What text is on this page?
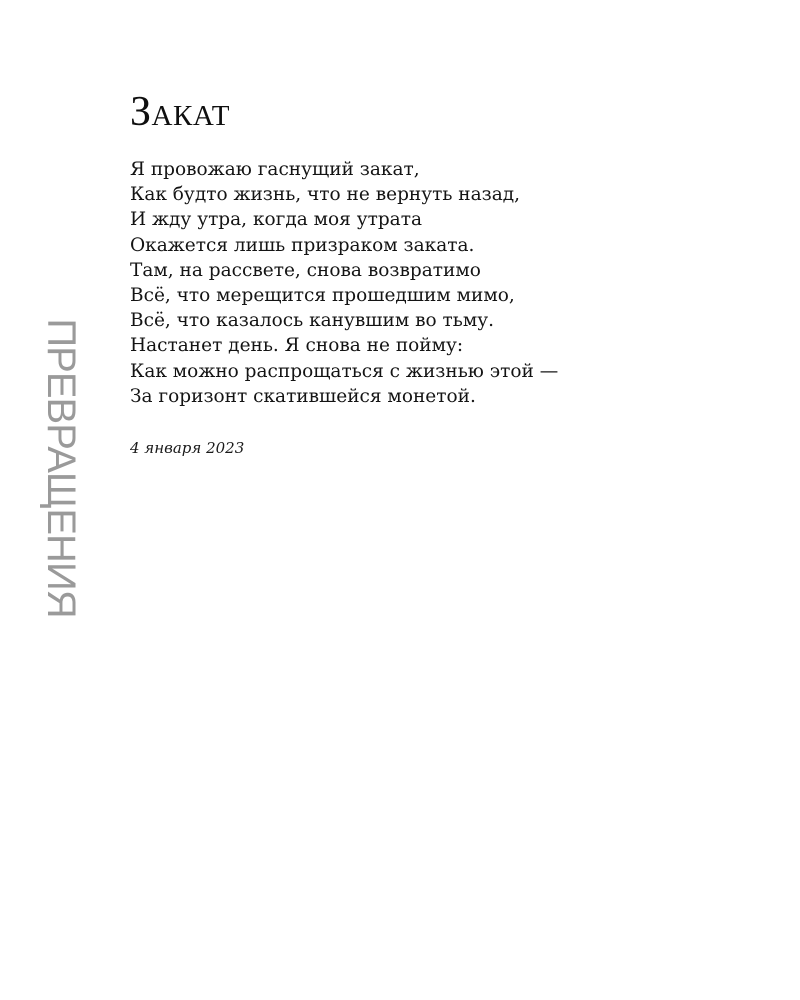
ПРЕВРАЩЕНИЯ
Закат
Я провожаю гаснущий закат,
Как будто жизнь, что не вернуть назад,
И жду утра, когда моя утрата
Окажется лишь призраком заката.
Там, на рассвете, снова возвратимо
Всё, что мерещится прошедшим мимо,
Всё, что казалось канувшим во тьму.
Настанет день. Я снова не пойму:
Как можно распрощаться с жизнью этой —
За горизонт скатившейся монетой.
4 января 2023
